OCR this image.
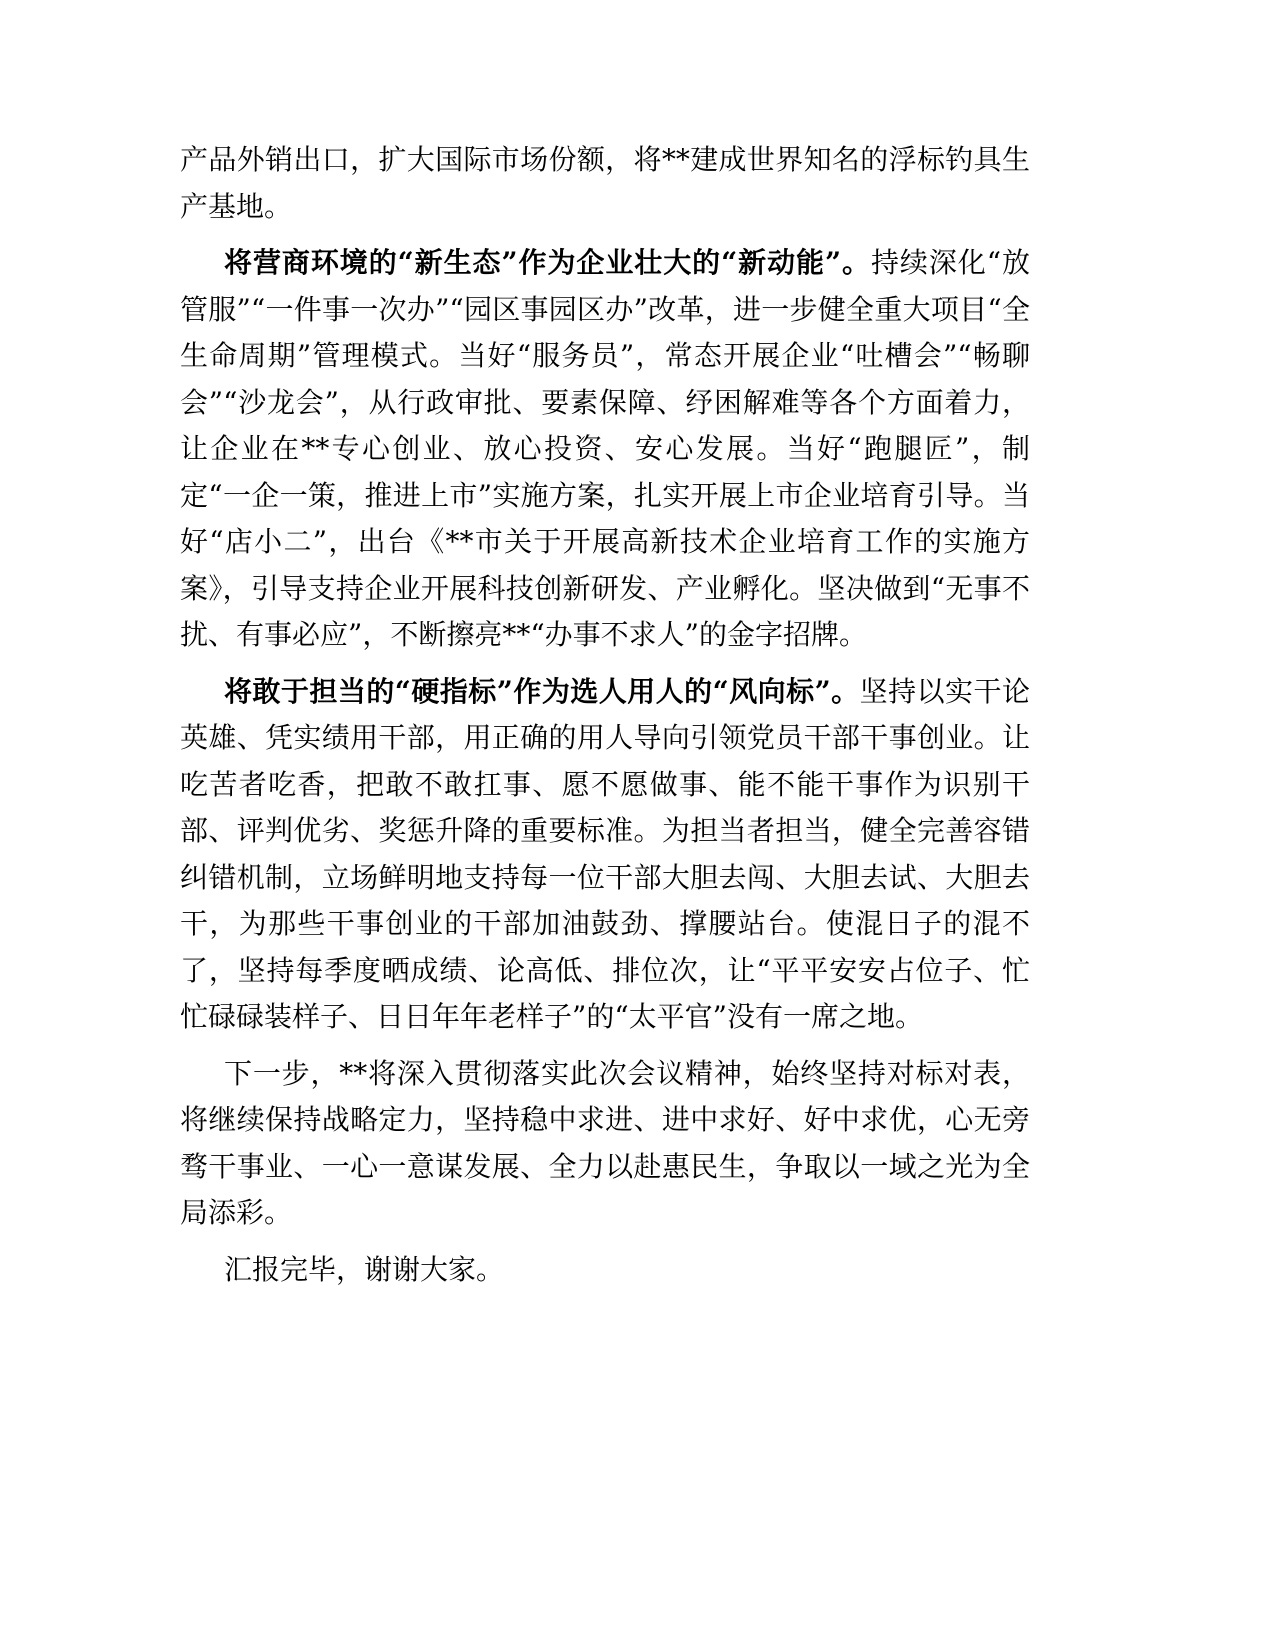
产品外销出口，扩大国际市场份额，将**建成世界知名的浮标钓具生产基地。

将营商环境的“新生态”作为企业壮大的“新动能”。持续深化“放管服”“一件事一次办”“园区事园区办”改革，进一步健全重大项目“全生命周期”管理模式。当好“服务员”，常态开展企业“吐槽会”“畅聊会”“沙龙会”，从行政审批、要素保障、纾困解难等各个方面着力，让企业在**专心创业、放心投资、安心发展。当好“跑腿匠”，制定“一企一策，推进上市”实施方案，扎实开展上市企业培育引导。当好“店小二”，出台《**市关于开展高新技术企业培育工作的实施方案》，引导支持企业开展科技创新研发、产业孵化。坚决做到“无事不扰、有事必应”，不断擦亮**“办事不求人”的金字招牌。

将敢于担当的“硬指标”作为选人用人的“风向标”。坚持以实干论英雄、凭实绩用干部，用正确的用人导向引领党员干部干事创业。让吃苦者吃香，把敢不敢扛事、愿不愿做事、能不能干事作为识别干部、评判优劣、奖惩升降的重要标准。为担当者担当，健全完善容错纠错机制，立场鲜明地支持每一位干部大胆去闯、大胆去试、大胆去干，为那些干事创业的干部加油鼓劲、撑腰站台。使混日子的混不了，坚持每季度晒成绩、论高低、排位次，让“平平安安占位子、忙忙碌碌装样子、日日年年老样子”的“太平官”没有一席之地。

下一步，**将深入贯彻落实此次会议精神，始终坚持对标对表，将继续保持战略定力，坚持稳中求进、进中求好、好中求优，心无旁骛干事业、一心一意谋发展、全力以赴惠民生，争取以一域之光为全局添彩。

汇报完毕，谢谢大家。
